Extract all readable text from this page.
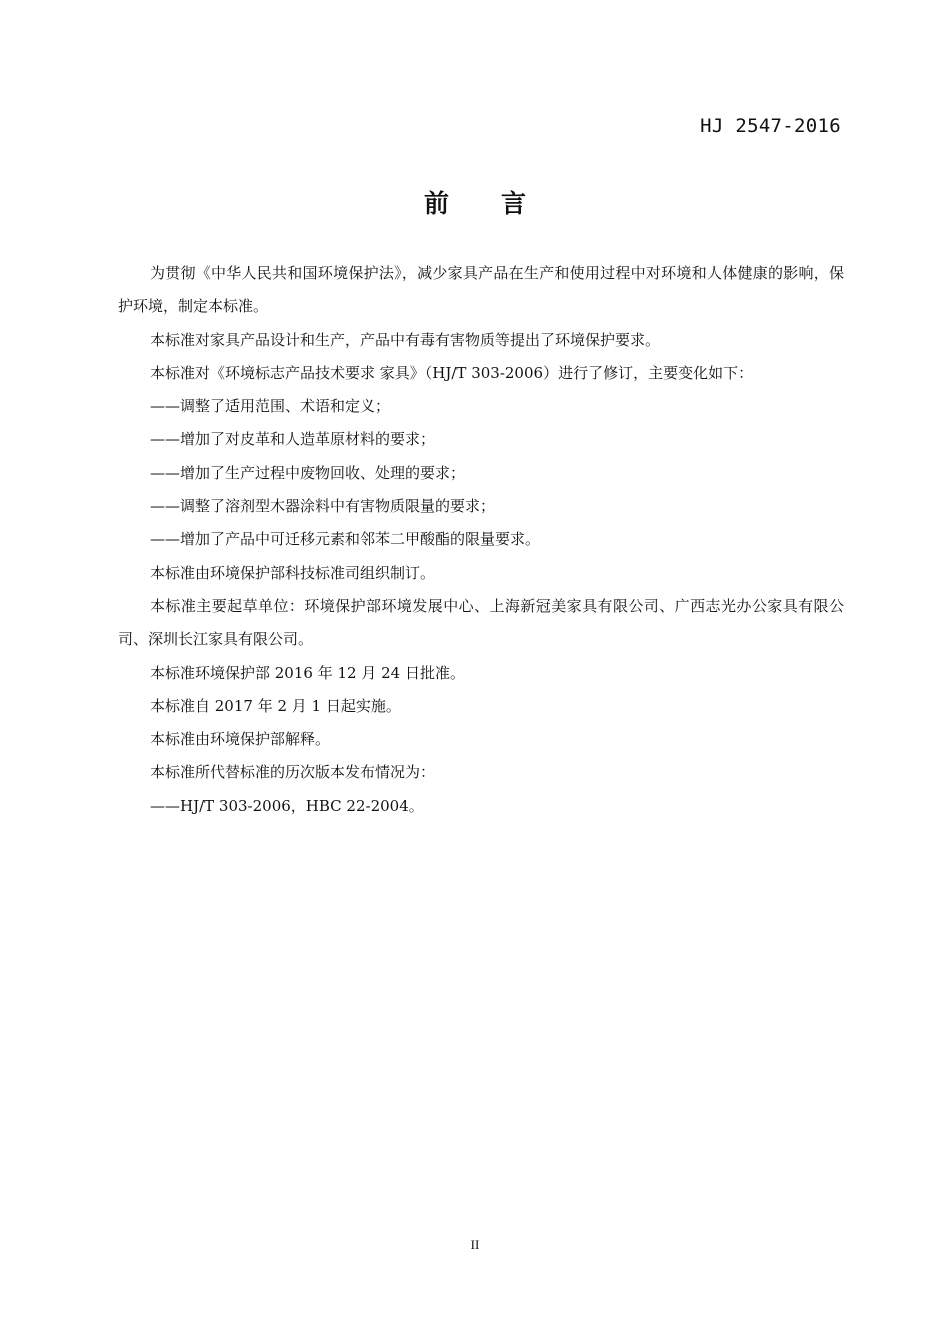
HJ 2547-2016
前 言

为贯彻《中华人民共和国环境保护法》，减少家具产品在生产和使用过程中对环境和人体健康的影响，保护环境，制定本标准。

本标准对家具产品设计和生产，产品中有毒有害物质等提出了环境保护要求。

本标准对《环境标志产品技术要求 家具》（HJ/T 303-2006）进行了修订，主要变化如下：

——调整了适用范围、术语和定义；

——增加了对皮革和人造革原材料的要求；

——增加了生产过程中废物回收、处理的要求；

——调整了溶剂型木器涂料中有害物质限量的要求；

——增加了产品中可迁移元素和邻苯二甲酸酯的限量要求。

本标准由环境保护部科技标准司组织制订。

本标准主要起草单位：环境保护部环境发展中心、上海新冠美家具有限公司、广西志光办公家具有限公司、深圳长江家具有限公司。

本标准环境保护部 2016 年 12 月 24 日批准。

本标准自 2017 年 2 月 1 日起实施。

本标准由环境保护部解释。

本标准所代替标准的历次版本发布情况为：

——HJ/T 303-2006，HBC 22-2004。

II
